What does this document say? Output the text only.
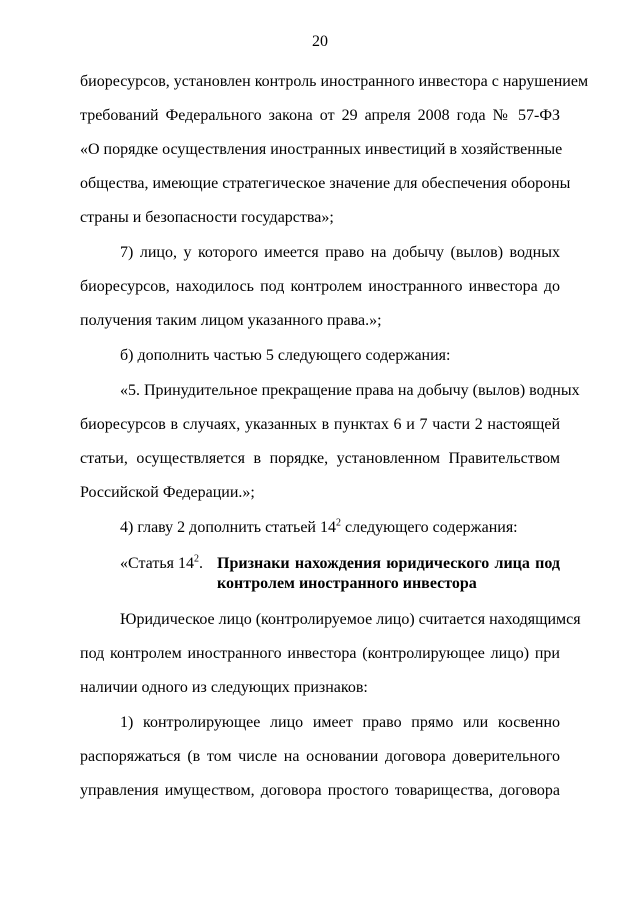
20
биоресурсов, установлен контроль иностранного инвестора с нарушением
требований Федерального закона от 29 апреля 2008 года № 57-ФЗ
«О порядке осуществления иностранных инвестиций в хозяйственные
общества, имеющие стратегическое значение для обеспечения обороны
страны и безопасности государства»;
7) лицо, у которого имеется право на добычу (вылов) водных
биоресурсов, находилось под контролем иностранного инвестора до
получения таким лицом указанного права.»;
б) дополнить частью 5 следующего содержания:
«5. Принудительное прекращение права на добычу (вылов) водных
биоресурсов в случаях, указанных в пунктах 6 и 7 части 2 настоящей
статьи, осуществляется в порядке, установленном Правительством
Российской Федерации.»;
4) главу 2 дополнить статьей $14^2$ следующего содержания:
«Статья $14^2$. Признаки нахождения юридического лица под
контролем иностранного инвестора
Юридическое лицо (контролируемое лицо) считается находящимся
под контролем иностранного инвестора (контролирующее лицо) при
наличии одного из следующих признаков:
1) контролирующее лицо имеет право прямо или косвенно
распоряжаться (в том числе на основании договора доверительного
управления имуществом, договора простого товарищества, договора
